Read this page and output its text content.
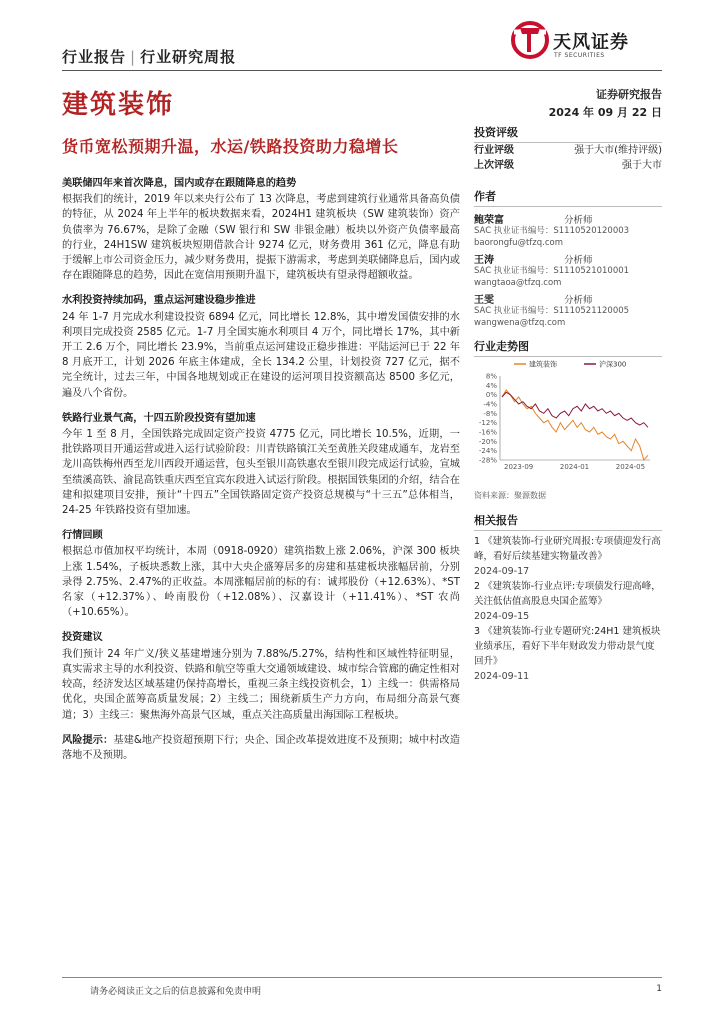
行业报告 | 行业研究周报
天风证券
TF SECURITIES
建筑装饰	证券研究报告
2024 年 09 月 22 日
货币宽松预期升温，水运/铁路投资助力稳增长
美联储四年来首次降息，国内或存在跟随降息的趋势

根据我们的统计，2019 年以来央行公布了 13 次降息，考虑到建筑行业通常具备高负债的特征，从 2024 年上半年的板块数据来看，2024H1 建筑板块（SW 建筑装饰）资产负债率为 76.67%，是除了金融（SW 银行和 SW 非银金融）板块以外资产负债率最高的行业，24H1SW 建筑板块短期借款合计 9274 亿元，财务费用 361 亿元，降息有助于缓解上市公司资金压力，减少财务费用，提振下游需求，考虑到美联储降息后，国内或存在跟随降息的趋势，因此在宽信用预期升温下，建筑板块有望录得超额收益。

水利投资持续加码，重点运河建设稳步推进

24 年 1-7 月完成水利建设投资 6894 亿元，同比增长 12.8%，其中增发国债安排的水利项目完成投资 2585 亿元。1-7 月全国实施水利项目 4 万个，同比增长 17%，其中新开工 2.6 万个，同比增长 23.9%，当前重点运河建设正稳步推进：平陆运河已于 22 年 8 月底开工，计划 2026 年底主体建成，全长 134.2 公里，计划投资 727 亿元，据不完全统计，过去三年，中国各地规划或正在建设的运河项目投资额高达 8500 多亿元，遍及八个省份。

铁路行业景气高，十四五阶段投资有望加速

今年 1 至 8 月，全国铁路完成固定资产投资 4775 亿元，同比增长 10.5%，近期，一批铁路项目开通运营或进入运行试验阶段：川青铁路镇江关至黄胜关段建成通车，龙岩至龙川高铁梅州西至龙川西段开通运营，包头至银川高铁惠农至银川段完成运行试验，宣城至绩溪高铁、渝昆高铁重庆西至宜宾东段进入试运行阶段。根据国铁集团的介绍，结合在建和拟建项目安排，预计“十四五”全国铁路固定资产投资总规模与“十三五”总体相当，24-25 年铁路投资有望加速。

行情回顾

根据总市值加权平均统计，本周（0918-0920）建筑指数上涨 2.06%，沪深 300 板块上涨 1.54%，子板块悉数上涨，其中大央企盛筹居多的房建和基建板块涨幅居前，分别录得 2.75%、2.47%的正收益。本周涨幅居前的标的有：诚邦股份（+12.63%）、*ST 名家（+12.37%）、岭南股份（+12.08%）、汉嘉设计（+11.41%）、*ST 农尚（+10.65%）。

投资建议

我们预计 24 年广义/狭义基建增速分别为 7.88%/5.27%，结构性和区域性特征明显，真实需求主导的水利投资、铁路和航空等重大交通领域建设、城市综合管廊的确定性相对较高，经济发达区域基建仍保持高增长，重视三条主线投资机会，1）主线一：供需格局优化，央国企蓝筹高质量发展；2）主线二；围绕新质生产力方向，布局细分高景气赛道；3）主线三：聚焦海外高景气区域，重点关注高质量出海国际工程板块。

风险提示：基建&地产投资超预期下行；央企、国企改革提效进度不及预期；城中村改造落地不及预期。

投资评级
行业评级	强于大市(维持评级)
上次评级	强于大市
作者
鲍荣富	分析师
SAC 执业证书编号：S1110520120003
baorongfu@tfzq.com
王涛	分析师
SAC 执业证书编号：S1110521010001
wangtaoa@tfzq.com
王雯	分析师
SAC 执业证书编号：S1110521120005
wangwena@tfzq.com
行业走势图
8%
4%
0%
-4%
-8%
-12%
-16%
-20%
-24%
-28%
2023-09	2024-01	2024-05
建筑装饰	沪深300
资料来源：聚源数据
相关报告
1 《建筑装饰-行业研究周报:专项债迎发行高峰，看好后续基建实物量改善》
2024-09-17
2 《建筑装饰-行业点评:专项债发行迎高峰，关注低估值高股息央国企蓝筹》
2024-09-15
3 《建筑装饰-行业专题研究:24H1 建筑板块业绩承压，看好下半年财政发力带动景气度回升》
2024-09-11
请务必阅读正文之后的信息披露和免责申明	1
